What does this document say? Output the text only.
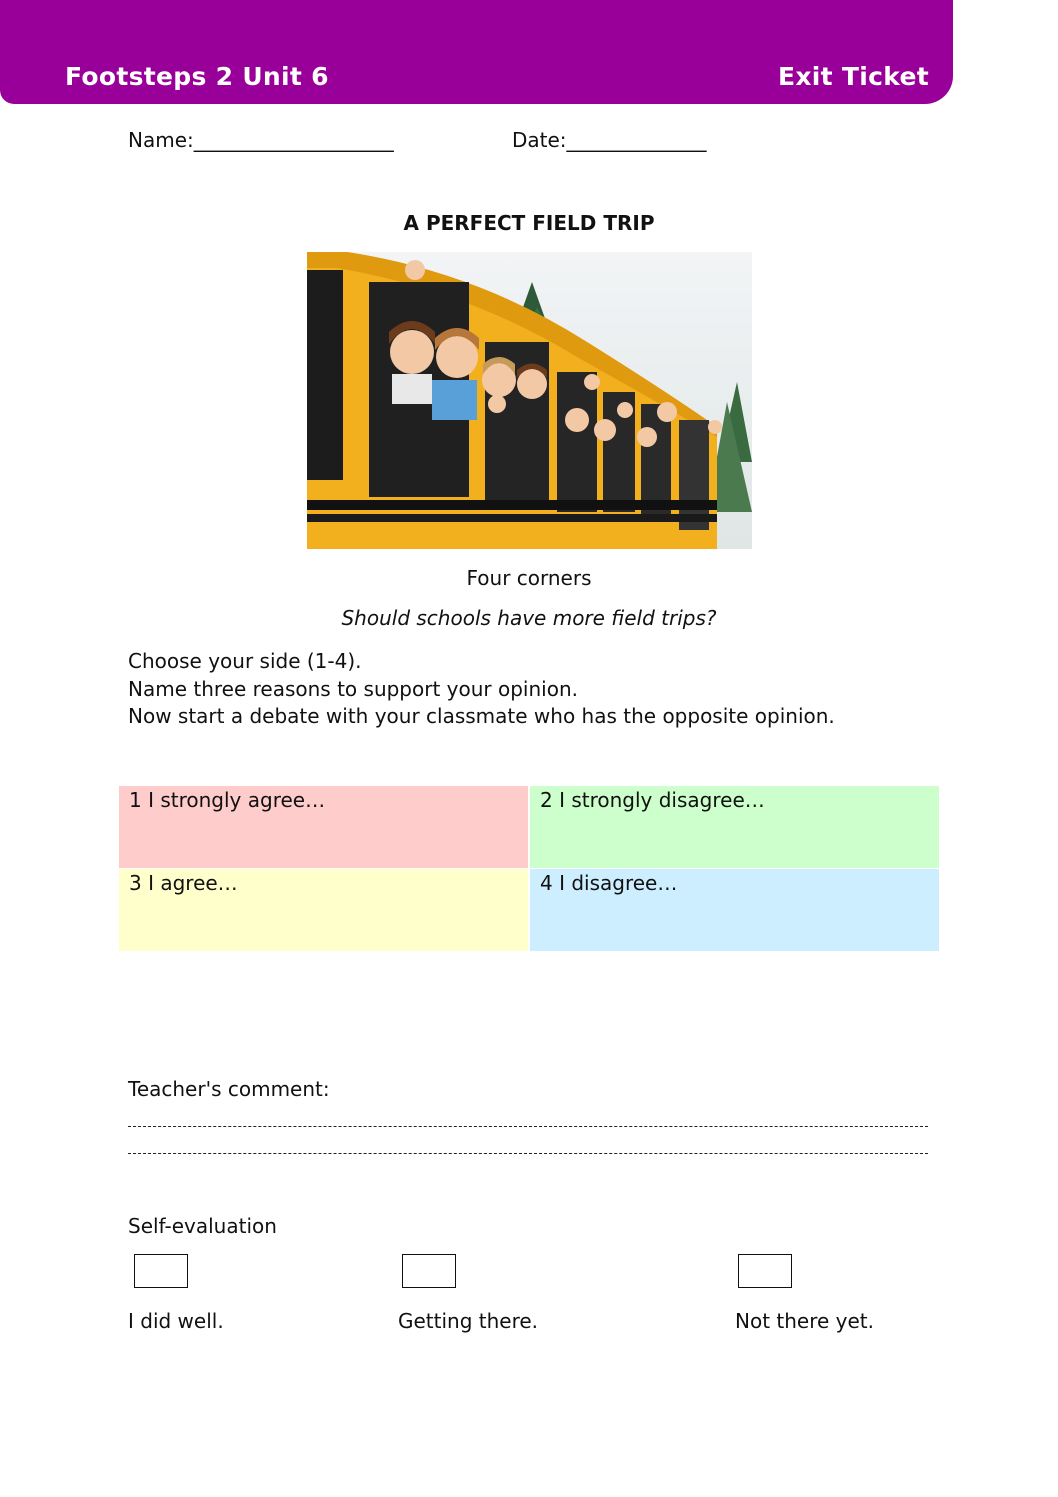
Footsteps 2 Unit 6	Exit Ticket
Name:____________________	Date:______________
A PERFECT FIELD TRIP
Four corners
Should schools have more field trips?
Choose your side (1-4).
Name three reasons to support your opinion.
Now start a debate with your classmate who has the opposite opinion.
1 I strongly agree…	2 I strongly disagree…
3 I agree…	4 I disagree…
Teacher's comment:
Self-evaluation
I did well.	Getting there.	Not there yet.
